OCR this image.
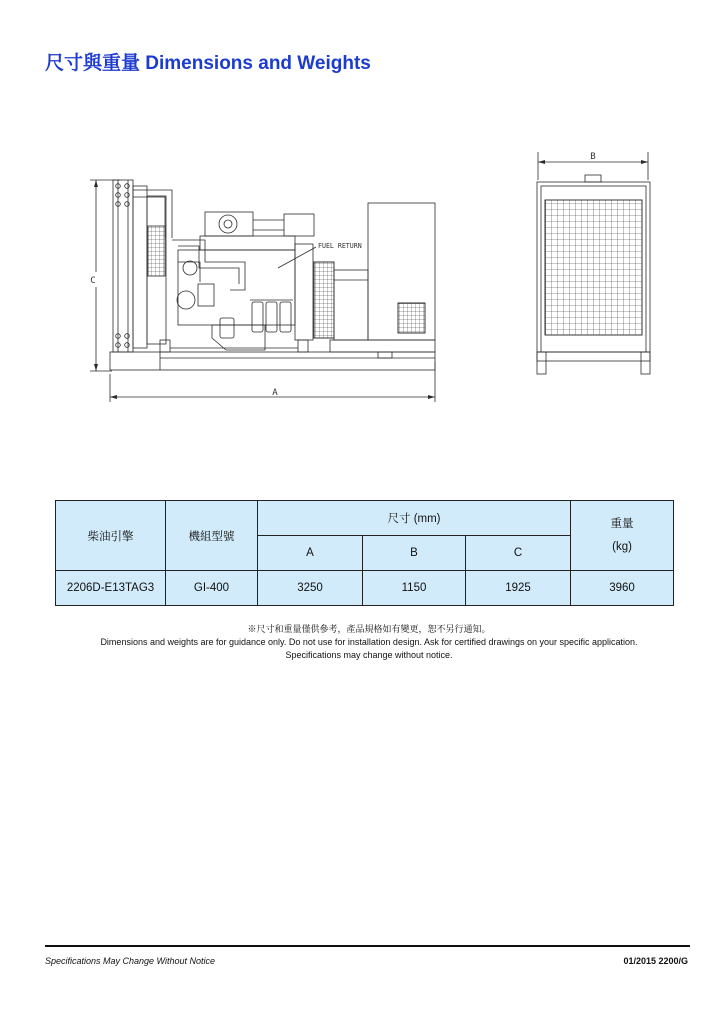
尺寸與重量 Dimensions and Weights
C
A
FUEL RETURN
B
柴油引擎	機組型號	尺寸 (mm)			重量
(kg)

		A	B	C	
2206D-E13TAG3	GI-400	3250	1150	1925	3960
※尺寸和重量僅供參考，產品規格如有變更，恕不另行通知。
Dimensions and weights are for guidance only. Do not use for installation design. Ask for certified drawings on your specific application.
Specifications may change without notice.
Specifications May Change Without Notice	01/2015 2200/G
